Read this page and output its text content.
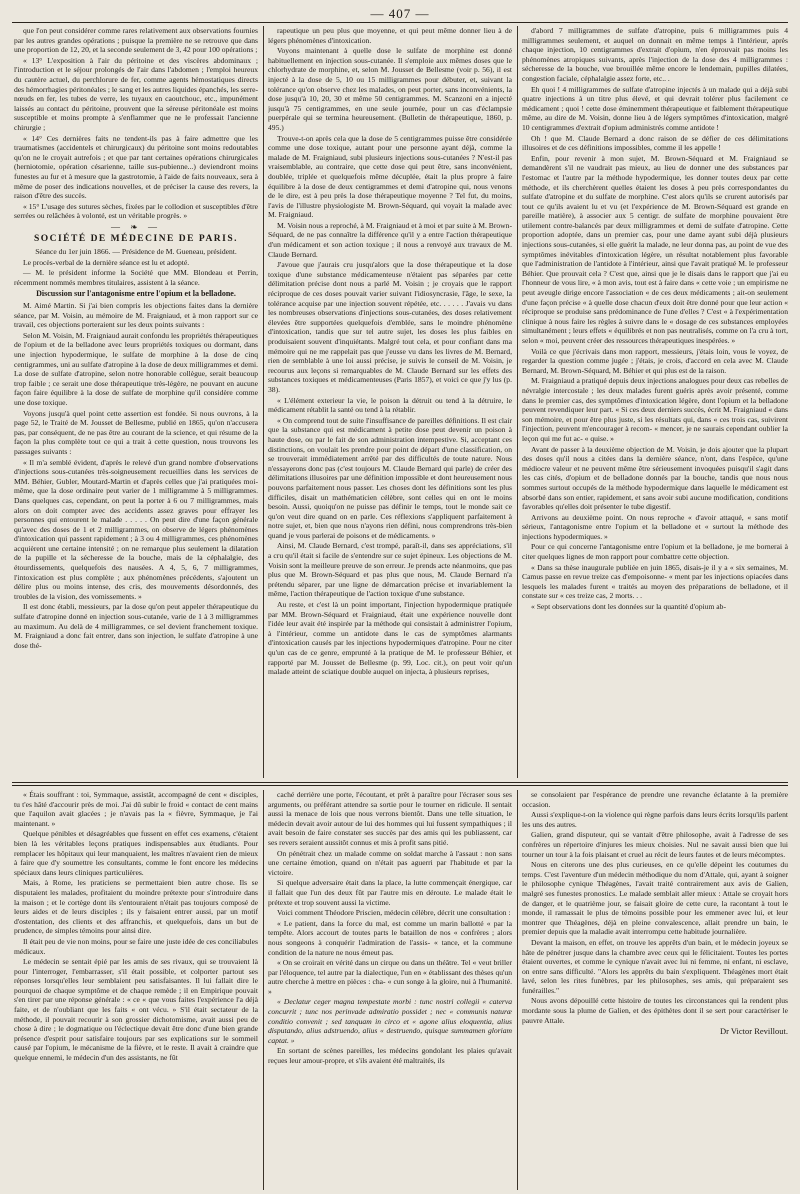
— 407 —

que l'on peut considérer comme rares relativement aux observations fournies par les autres grandes opérations ; puisque la première ne se retrouve que dans une proportion de 12, 20, et la seconde seulement de 3, 42 pour 100 opérations ;

« 13° L'exposition à l'air du péritoine et des viscères abdominaux ; l'introduction et le séjour prolongés de l'air dans l'abdomen ; l'emploi heureux du cautère actuel, du perchlorure de fer, comme agents hémostatiques directs des hémorrhagies péritonéales ; le sang et les autres liquides épanchés, les serre-nœuds en fer, les tubes de verre, les tuyaux en caoutchouc, etc., impunément laissés au contact du péritoine, prouvent que la séreuse péritonéale est moins susceptible et moins prompte à s'enflammer que ne le professait l'ancienne chirurgie ;

« 14° Ces dernières faits ne tendent-ils pas à faire admettre que les traumatismes (accidentels et chirurgicaux) du péritoine sont moins redoutables qu'on ne le croyait autrefois ; et que par tant certaines opérations chirurgicales (herniotomie, opération césarienne, taille sus-pubienne...) deviendront moins funestes au fur et à mesure que la gastrotomie, à l'aide de faits nouveaux, sera à même de poser des indications nouvelles, et de préciser la cause des revers, la raison d'être des succès.

« 15° L'usage des sutures sèches, fixées par le collodion et susceptibles d'être serrées ou relâchées à volonté, est un véritable progrès. »

— ❧ —
SOCIÉTÉ DE MÉDECINE DE PARIS.

Séance du 1er juin 1866. — Présidence de M. Gueneau, président.

Le procès-verbal de la dernière séance est lu et adopté.

— M. le président informe la Société que MM. Blondeau et Perrin, récemment nommés membres titulaires, assistent à la séance.

Discussion sur l'antagonisme entre l'opium et la belladone.

M. Aimé Martin. Si j'ai bien compris les objections faites dans la dernière séance, par M. Voisin, au mémoire de M. Fraigniaud, et à mon rapport sur ce travail, ces objections porteraient sur les deux points suivants :

Selon M. Voisin, M. Fraigniaud aurait confondu les propriétés thérapeutiques de l'opium et de la belladone avec leurs propriétés toxiques ou dormant, dans une injection hypodermique, le sulfate de morphine à la dose de cinq centigrammes, uni au sulfate d'atropine à la dose de deux milligrammes et demi. La dose de sulfate d'atropine, selon notre honorable collègue, serait beaucoup trop faible ; ce serait une dose thérapeutique très-légère, ne pouvant en aucune façon faire équilibre à la dose de sulfate de morphine qu'il considère comme une dose toxique.

Voyons jusqu'à quel point cette assertion est fondée. Si nous ouvrons, à la page 52, le Traité de M. Jousset de Bellesme, publié en 1865, qu'on n'accusera pas, par conséquent, de ne pas être au courant de la science, et qui résume de la façon la plus complète tout ce qui a trait à cette question, nous trouvons les passages suivants :

« Il m'a semblé évident, d'après le relevé d'un grand nombre d'observations d'injections sous-cutanées très-soigneusement recueillies dans les services de MM. Béhier, Gubler, Moutard-Martin et d'après celles que j'ai pratiquées moi-même, que la dose ordinaire peut varier de 1 milligramme à 5 milligrammes. Dans quelques cas, cependant, on peut la porter à 6 ou 7 milligrammes, mais alors on doit compter avec des accidents assez graves pour effrayer les personnes qui entourent le malade . . . . . On peut dire d'une façon générale qu'avec des doses de 1 et 2 milligrammes, on observe de légers phénomènes d'intoxication qui passent rapidement ; à 3 ou 4 milligrammes, ces phénomènes acquièrent une certaine intensité ; on ne remarque plus seulement la dilatation de la pupille et la sécheresse de la bouche, mais de la céphalalgie, des étourdissements, quelquefois des nausées. A 4, 5, 6, 7 milligrammes, l'intoxication est plus complète ; aux phénomènes précédents, s'ajoutent un délire plus ou moins intense, des cris, des mouvements désordonnés, des troubles de la vision, des vomissements. »

Il est donc établi, messieurs, par la dose qu'on peut appeler thérapeutique du sulfate d'atropine donné en injection sous-cutanée, varie de 1 à 3 milligrammes au maximum. Au delà de 4 milligrammes, ce sel devient franchement toxique. M. Fraigniaud a donc fait entrer, dans son injection, le sulfate d'atropine à une dose thé-

rapeutique un peu plus que moyenne, et qui peut même donner lieu à de légers phénomènes d'intoxication.

Voyons maintenant à quelle dose le sulfate de morphine est donné habituellement en injection sous-cutanée. Il s'emploie aux mêmes doses que le chlorhydrate de morphine, et, selon M. Jousset de Bellesme (voir p. 56), il est injecté à la dose de 5, 10 ou 15 milligrammes pour débuter, et, suivant la tolérance qu'on observe chez les malades, on peut porter, sans inconvénients, la dose jusqu'à 10, 20, 30 et même 50 centigrammes. M. Scanzoni en a injecté jusqu'à 75 centigrammes, en une seule journée, pour un cas d'éclampsie puerpérale qui se termina heureusement. (Bulletin de thérapeutique, 1860, p. 495.)

Trouve-t-on après cela que la dose de 5 centigrammes puisse être considérée comme une dose toxique, autant pour une personne ayant déjà, comme la malade de M. Fraigniaud, subi plusieurs injections sous-cutanées ? N'est-il pas vraisemblable, au contraire, que cette dose qui peut être, sans inconvénient, doublée, triplée et quelquefois même décuplée, était la plus propre à faire équilibre à la dose de deux centigrammes et demi d'atropine qui, nous venons de le dire, est à peu près la dose thérapeutique moyenne ? Tel fut, du moins, l'avis de l'illustre physiologiste M. Brown-Séquard, qui voyait la malade avec M. Fraigniaud.

M. Voisin nous a reproché, à M. Fraigniaud et à moi et par suite à M. Brown-Séquard, de ne pas connaître la différence qu'il y a entre l'action thérapeutique d'un médicament et son action toxique ; il nous a renvoyé aux travaux de M. Claude Bernard.

J'avoue que j'aurais cru jusqu'alors que la dose thérapeutique et la dose toxique d'une substance médicamenteuse n'étaient pas séparées par cette délimitation précise dont nous a parlé M. Voisin ; je croyais que le rapport réciproque de ces doses pouvait varier suivant l'idiosyncrasie, l'âge, le sexe, la tolérance acquise par une injection souvent répétée, etc. . . . . . J'avais vu dans les nombreuses observations d'injections sous-cutanées, des doses relativement élevées être supportées quelquefois d'emblée, sans le moindre phénomène d'intoxication, tandis que sur tel autre sujet, les doses les plus faibles en produisaient souvent d'inquiétants. Malgré tout cela, et pour confiant dans ma mémoire qui ne me rappelait pas que j'eusse vu dans les livres de M. Bernard, rien de semblable à une loi aussi précise, je suivis le conseil de M. Voisin, je recourus aux leçons si remarquables de M. Claude Bernard sur les effets des substances toxiques et médicamenteuses (Paris 1857), et voici ce que j'y lus (p. 38).

« L'élément exterieur la vie, le poison la détruit ou tend à la détruire, le médicament rétablit la santé ou tend à la rétablir.

« On comprend tout de suite l'insuffisance de pareilles définitions. Il est clair que la substance qui est médicament à petite dose peut devenir un poison à haute dose, ou par le fait de son administration intempestive. Si, acceptant ces distinctions, on voulait les prendre pour point de départ d'une classification, on se trouverait immédiatement arrêté par des difficultés de toute nature. Nous n'essayerons donc pas (c'est toujours M. Claude Bernard qui parle) de créer des délimitations illusoires par une définition impossible et dont heureusement nous pouvons parfaitement nous passer. Les choses dont les définitions sont les plus difficiles, disait un mathématicien célèbre, sont celles qui en ont le moins besoin. Aussi, quoiqu'on ne puisse pas définir le temps, tout le monde sait ce qu'on veut dire quand on en parle. Ces réflexions s'appliquent parfaitement à notre sujet, et, bien que nous n'ayons rien défini, nous comprendrons très-bien quand je vous parlerai de poisons et de médicaments. »

Ainsi, M. Claude Bernard, c'est trompé, paraît-il, dans ses appréciations, s'il a cru qu'il était si facile de s'entendre sur ce sujet épineux. Les objections de M. Voisin sont la meilleure preuve de son erreur. Je prends acte néanmoins, que pas plus que M. Brown-Séquard et pas plus que nous, M. Claude Bernard n'a prétendu séparer, par une ligne de démarcation précise et invariablement la même, l'action thérapeutique de l'action toxique d'une substance.

Au reste, et c'est là un point important, l'injection hypodermique pratiquée par MM. Brown-Séquard et Fraigniaud, était une expérience nouvelle dont l'idée leur avait été inspirée par la méthode qui consistait à administrer l'opium, à l'intérieur, comme un antidote dans le cas de symptômes alarmants d'intoxication causés par les injections hypodermiques d'atropine. Pour ne citer qu'un cas de ce genre, emprunté à la pratique de M. le professeur Béhier, et rapporté par M. Jousset de Bellesme (p. 99, Loc. cit.), on peut voir qu'un malade atteint de sciatique double auquel on injecta, à plusieurs reprises,

d'abord 7 milligrammes de sulfate d'atropine, puis 6 milligrammes puis 4 milligrammes seulement, et auquel on donnait en même temps à l'intérieur, après chaque injection, 10 centigrammes d'extrait d'opium, n'en éprouvait pas moins les phénomènes atropiques suivants, après l'injection de la dose des 4 milligrammes : sécheresse de la bouche, vue brouillée même encore le lendemain, pupilles dilatées, congestion faciale, céphalalgie assez forte, etc.. .

Eh quoi ! 4 milligrammes de sulfate d'atropine injectés à un malade qui a déjà subi quatre injections à un titre plus élevé, et qui devrait tolérer plus facilement ce médicament ; quoi ! cette dose éminemment thérapeutique et faiblement thérapeutique même, au dire de M. Voisin, donne lieu à de légers symptômes d'intoxication, malgré 10 centigrammes d'extrait d'opium administrés comme antidote !

Oh ! que M. Claude Bernard a donc raison de se défier de ces délimitations illusoires et de ces définitions impossibles, comme il les appelle !

Enfin, pour revenir à mon sujet, M. Brown-Séquard et M. Fraigniaud se demandèrent s'il ne vaudrait pas mieux, au lieu de donner une des substances par l'estomac et l'autre par la méthode hypodermique, les donner toutes deux par cette méthode, et ils cherchèrent quelles étaient les doses à peu près correspondantes du sulfate d'atropine et du sulfate de morphine. C'est alors qu'ils se crurent autorisés par tout ce qu'ils avaient lu et vu (et l'expérience de M. Brown-Séquard est grande en pareille matière), à associer aux 5 centigr. de sulfate de morphine pouvaient être utilement contre-balancés par deux milligrammes et demi de sulfate d'atropine. Cette proportion adoptée, dans un premier cas, pour une dame ayant subi déjà plusieurs injections sous-cutanées, si elle guérit la malade, ne leur donna pas, au point de vue des symptômes inévitables d'intoxication légère, un résultat notablement plus favorable que l'administration de l'antidote à l'intérieur, ainsi que l'avait pratiqué M. le professeur Béhier. Que prouvait cela ? C'est que, ainsi que je le disais dans le rapport que j'ai eu l'honneur de vous lire, « à mon avis, tout est à faire dans « cette voie ; un empirisme ne peut aveugle dirige encore l'association « de ces deux médicaments ; ait-on seulement d'une façon précise « à quelle dose chacun d'eux doit être donné pour que leur action « réciproque se produise sans prédominance de l'une d'elles ? C'est « à l'expérimentation clinique à nous faire les règles à suivre dans le « dosage de ces substances employées simultanément ; leurs effets « équilibrés et non pas neutralisés, comme on l'a cru à tort, selon « moi, peuvent créer des ressources thérapeutiques inespérées. »

Voilà ce que j'écrivais dans mon rapport, messieurs, j'étais loin, vous le voyez, de regarder la question comme jugée ; j'étais, je crois, d'accord en cela avec M. Claude Bernard, M. Brown-Séquard, M. Béhier et qui plus est de la raison.

M. Fraigniaud a pratiqué depuis deux injections analogues pour deux cas rebelles de névralgie intercostale ; les deux malades furent guéris après avoir présenté, comme dans le premier cas, des symptômes d'intoxication légère, dont l'opium et la belladone peuvent revendiquer leur part. « Si ces deux derniers succès, écrit M. Fraigniaud « dans son mémoire, et pour être plus juste, si les résultats qui, dans « ces trois cas, suivirent l'injection, peuvent m'encourager à recom- « mencer, je ne saurais cependant oublier la leçon qui me fut ac- « quise. »

Avant de passer à la deuxième objection de M. Voisin, je dois ajouter que la plupart des doses qu'il nous a citées dans la dernière séance, n'ont, dans l'espèce, qu'une médiocre valeur et ne peuvent même être sérieusement invoquées puisqu'il s'agit dans les cas cités, d'opium et de belladone donnés par la bouche, tandis que nous nous sommes surtout occupés de la méthode hypodermique dans laquelle le médicament est absorbé dans son entier, rapidement, et sans avoir subi aucune modification, conditions favorables qu'elles doit présenter le tube digestif.

Arrivons au deuxième point. On nous reproche « d'avoir attaqué, « sans motif sérieux, l'antagonisme entre l'opium et la belladone et « surtout la méthode des injections hypodermiques. »

Pour ce qui concerne l'antagonisme entre l'opium et la belladone, je me bornerai à citer quelques lignes de mon rapport pour combattre cette objection.

« Dans sa thèse inaugurale publiée en juin 1865, disais-je il y a « six semaines, M. Camus passe en revue treize cas d'empoisonne- « ment par les injections opiacées dans lesquels les malades furent « traités au moyen des préparations de belladone, et il constate sur « ces treize cas, 2 morts. . .

« Sept observations dont les données sur la quantité d'opium ab-

« Étais souffrant : toi, Symmaque, assistât, accompagné de cent « disciples, tu t'es hâté d'accourir près de moi. J'ai dû subir le froid « contact de cent mains que l'aquilon avait glacées ; je n'avais pas la « fièvre, Symmaque, je l'ai maintenant. »

Quelque pénibles et désagréables que fussent en effet ces examens, c'étaient bien là les véritables leçons pratiques indispensables aux étudiants. Pour remplacer les hôpitaux qui leur manquaient, les maîtres n'avaient rien de mieux à faire que d'y soumettre les consultants, comme le font encore les médecins spéciaux dans leurs cliniques particulières.

Mais, à Rome, les praticiens se permettaient bien autre chose. Ils se disputaient les malades, profitaient du moindre prétexte pour s'introduire dans la maison ; et le cortège dont ils s'entouraient n'était pas toujours composé de leurs aides et de leurs disciples ; ils y faisaient entrer aussi, par un motif d'ostentation, des clients et des affranchis, et quelquefois, dans un but de prudence, de simples témoins pour ainsi dire.

Il était peu de vie non moins, pour se faire une juste idée de ces conciliabules médicaux.

Le médecin se sentait épié par les amis de ses rivaux, qui se trouvaient là pour l'interroger, l'embarrasser, s'il était possible, et colporter partout ses réponses lorsqu'elles leur semblaient peu satisfaisantes. Il lui fallait dire le pourquoi de chaque symptôme et de chaque remède ; il en Empirique pouvait s'en tirer par une réponse générale : « ce « que vous faites l'expérience l'a déjà faite, et de n'oubliant que les faits « ont vécu. » S'il était sectateur de la méthode, il pouvait recourir à son grossier dichotomisme, avait aussi peu de chose à dire ; le dogmatique ou l'éclectique devait être donc d'une bien grande présence d'esprit pour satisfaire toujours par ses explications sur le sommeil causé par l'opium, le mécanisme de la fièvre, et le reste. Il avait à craindre que quelque ennemi, le médecin d'un des assistants, ne fût

caché derrière une porte, l'écoutant, et prêt à paraître pour l'écraser sous ses arguments, ou préférant attendre sa sortie pour le tourner en ridicule. Il sentait aussi la menace de lois que nous verrons bientôt. Dans une telle situation, le médecin devait avoir autour de lui des hommes qui lui fussent sympathiques ; il avait besoin de faire constater ses succès par des amis qui les publiassent, car ses revers seraient aussitôt connus et mis à profit sans pitié.

On pénétrait chez un malade comme on soldat marche à l'assaut : non sans une certaine émotion, quand on n'était pas aguerri par l'habitude et par la victoire.

Si quelque adversaire était dans la place, la lutte commençait énergique, car il fallait que l'un des deux fût par l'autre mis en déroute. Le malade était le prétexte et trop souvent aussi la victime.

Voici comment Théodore Priscien, médecin célèbre, décrit une consultation :

« Le patient, dans la force du mal, est comme un marin ballotté « par la tempête. Alors accourt de toutes parts le bataillon de nos « confrères ; alors nous songeons à conquérir l'admiration de l'assis- « tance, et la commune condition de la nature ne nous émeut pas.

« On se croirait en vérité dans un cirque ou dans un théâtre. Tel « veut briller par l'éloquence, tel autre par la dialectique, l'un en « établissant des thèses qu'un autre cherche à mettre en pièces : cha- « cun songe à la gloire, nui à l'humanité. »

« Declatur ceger magna tempestate morbi : tunc nostri collegii « caterva concurrit ; tunc nos perinvade admiratio possidet ; nec « communis naturæ conditio convenit ; sed tanquam in circo et « agone alius eloquentia, alius disputando, alius adstruendo, alius « destruendo, quisque summamen gloriam captat. »

En sortant de scènes pareilles, les médecins gondolant les plaies qu'avait reçues leur amour-propre, et s'ils avaient été maltraités, ils

se consolaient par l'espérance de prendre une revanche éclatante à la première occasion.

Aussi s'explique-t-on la violence qui règne parfois dans leurs écrits lorsqu'ils parlent les uns des autres.

Galien, grand disputeur, qui se vantait d'être philosophe, avait à l'adresse de ses confrères un répertoire d'injures les mieux choisies. Nul ne savait aussi bien que lui tourner un tour à la fois plaisant et cruel au récit de leurs fautes et de leurs mécomptes.

Nous en citerons une des plus curieuses, en ce qu'elle dépeint les coutumes du temps. C'est l'aventure d'un médecin méthodique du nom d'Attale, qui, ayant à soigner le philosophe cynique Théagènes, l'avait traité contrairement aux avis de Galien, malgré ses funestes pronostics. Le malade semblait aller mieux : Attale se croyait hors de danger, et le quatrième jour, se faisait gloire de cette cure, la racontant à tout le monde, il ramassait le plus de témoins possible pour les emmener avec lui, et leur montrer que Théagènes, déjà en pleine convalescence, allait prendre un bain, le premier depuis que la maladie avait interrompu cette habitude journalière.

Devant la maison, en effet, on trouve les apprêts d'un bain, et le médecin joyeux se hâte de pénétrer jusque dans la chambre avec ceux qui le félicitaient. Toutes les portes étaient ouvertes, et comme le cynique n'avait avec lui ni femme, ni enfant, ni esclave, on entre sans difficulté. "Alors les apprêts du bain s'expliquent. Théagènes mort était lavé, selon les rites funèbres, par les philosophes, ses amis, qui préparaient ses funérailles."

Nous avons dépouillé cette histoire de toutes les circonstances qui la rendent plus mordante sous la plume de Galien, et des épithètes dont il se sert pour caractériser le pauvre Attale.

Dr Victor Revillout.
